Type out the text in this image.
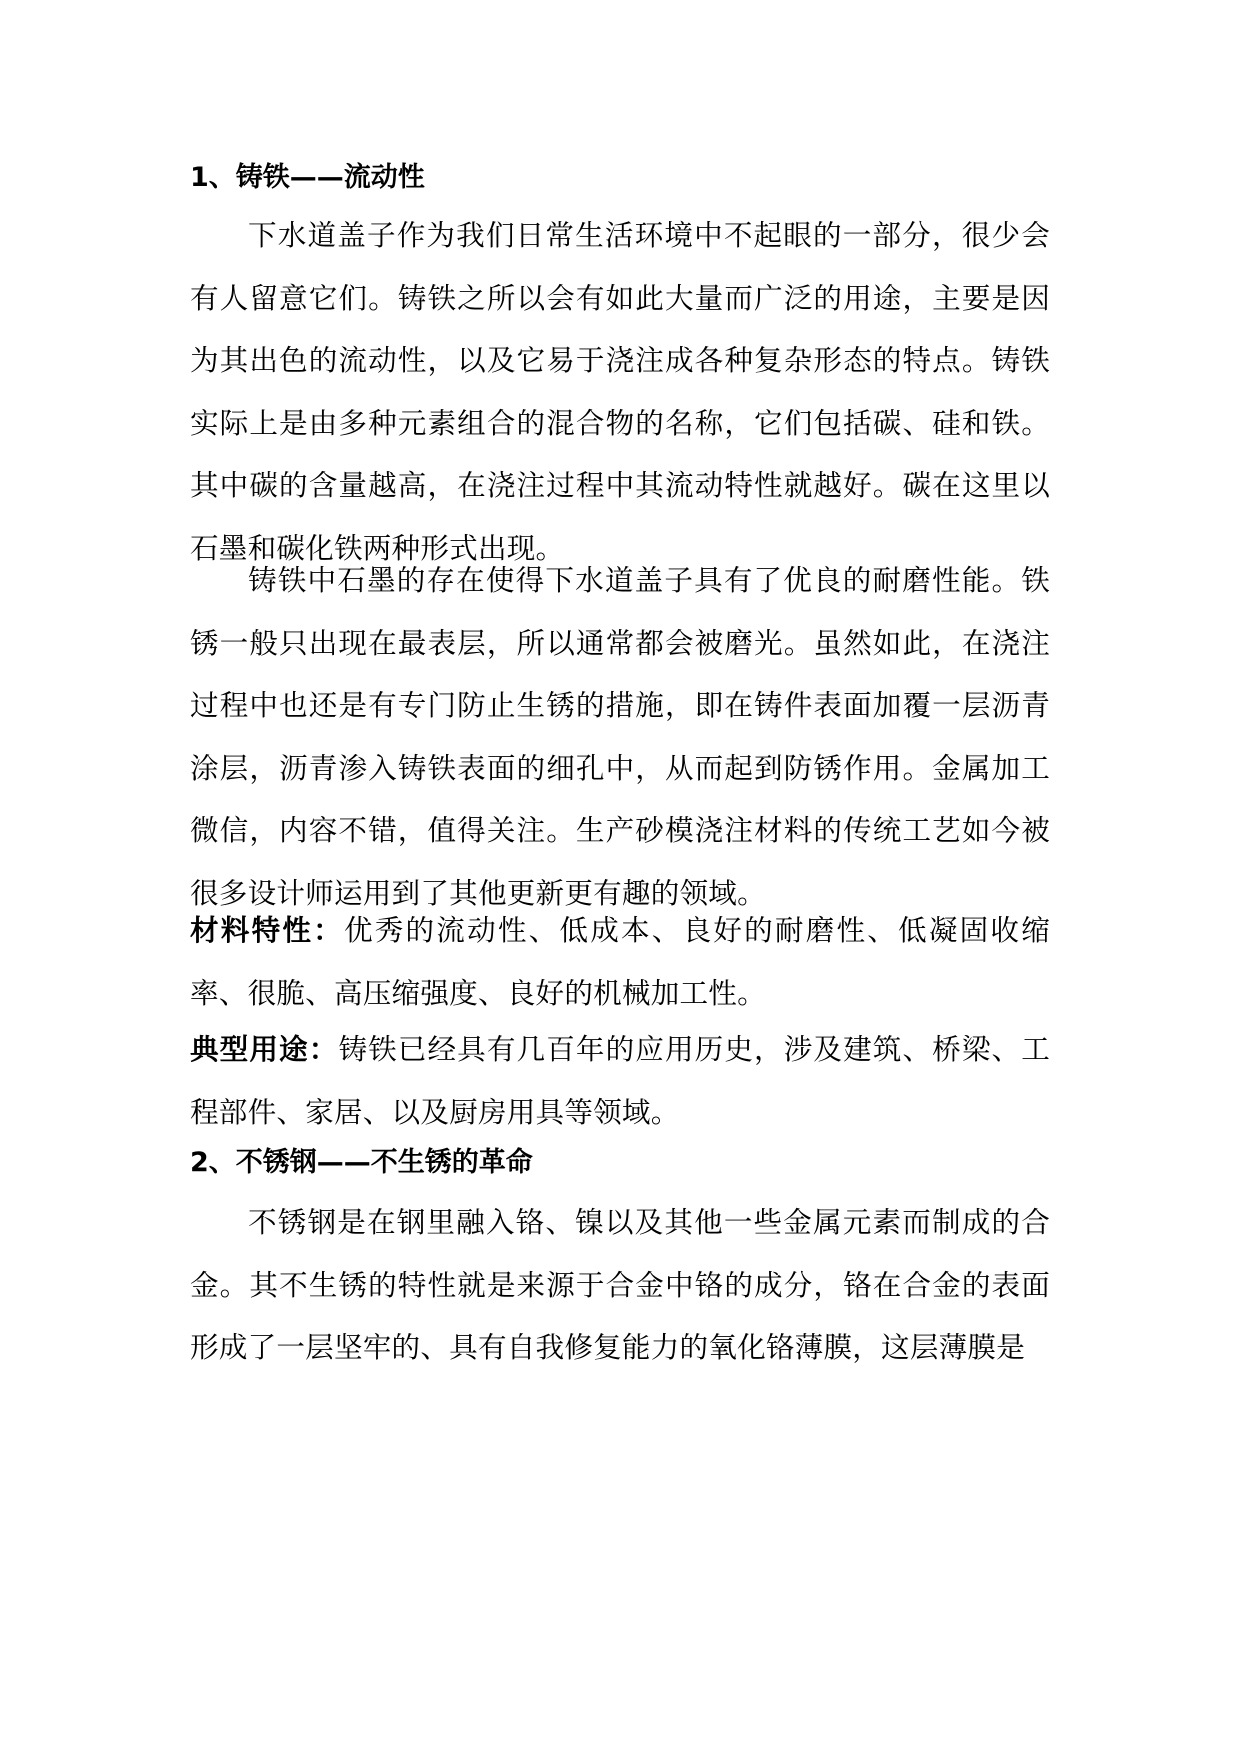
1、铸铁——流动性
下水道盖子作为我们日常生活环境中不起眼的一部分，很少会有人留意它们。铸铁之所以会有如此大量而广泛的用途，主要是因为其出色的流动性，以及它易于浇注成各种复杂形态的特点。铸铁实际上是由多种元素组合的混合物的名称，它们包括碳、硅和铁。其中碳的含量越高，在浇注过程中其流动特性就越好。碳在这里以石墨和碳化铁两种形式出现。
铸铁中石墨的存在使得下水道盖子具有了优良的耐磨性能。铁锈一般只出现在最表层，所以通常都会被磨光。虽然如此，在浇注过程中也还是有专门防止生锈的措施，即在铸件表面加覆一层沥青涂层，沥青渗入铸铁表面的细孔中，从而起到防锈作用。金属加工微信，内容不错，值得关注。生产砂模浇注材料的传统工艺如今被很多设计师运用到了其他更新更有趣的领域。
材料特性：优秀的流动性、低成本、良好的耐磨性、低凝固收缩率、很脆、高压缩强度、良好的机械加工性。
典型用途：铸铁已经具有几百年的应用历史，涉及建筑、桥梁、工程部件、家居、以及厨房用具等领域。
2、不锈钢——不生锈的革命
不锈钢是在钢里融入铬、镍以及其他一些金属元素而制成的合金。其不生锈的特性就是来源于合金中铬的成分，铬在合金的表面形成了一层坚牢的、具有自我修复能力的氧化铬薄膜，这层薄膜是
